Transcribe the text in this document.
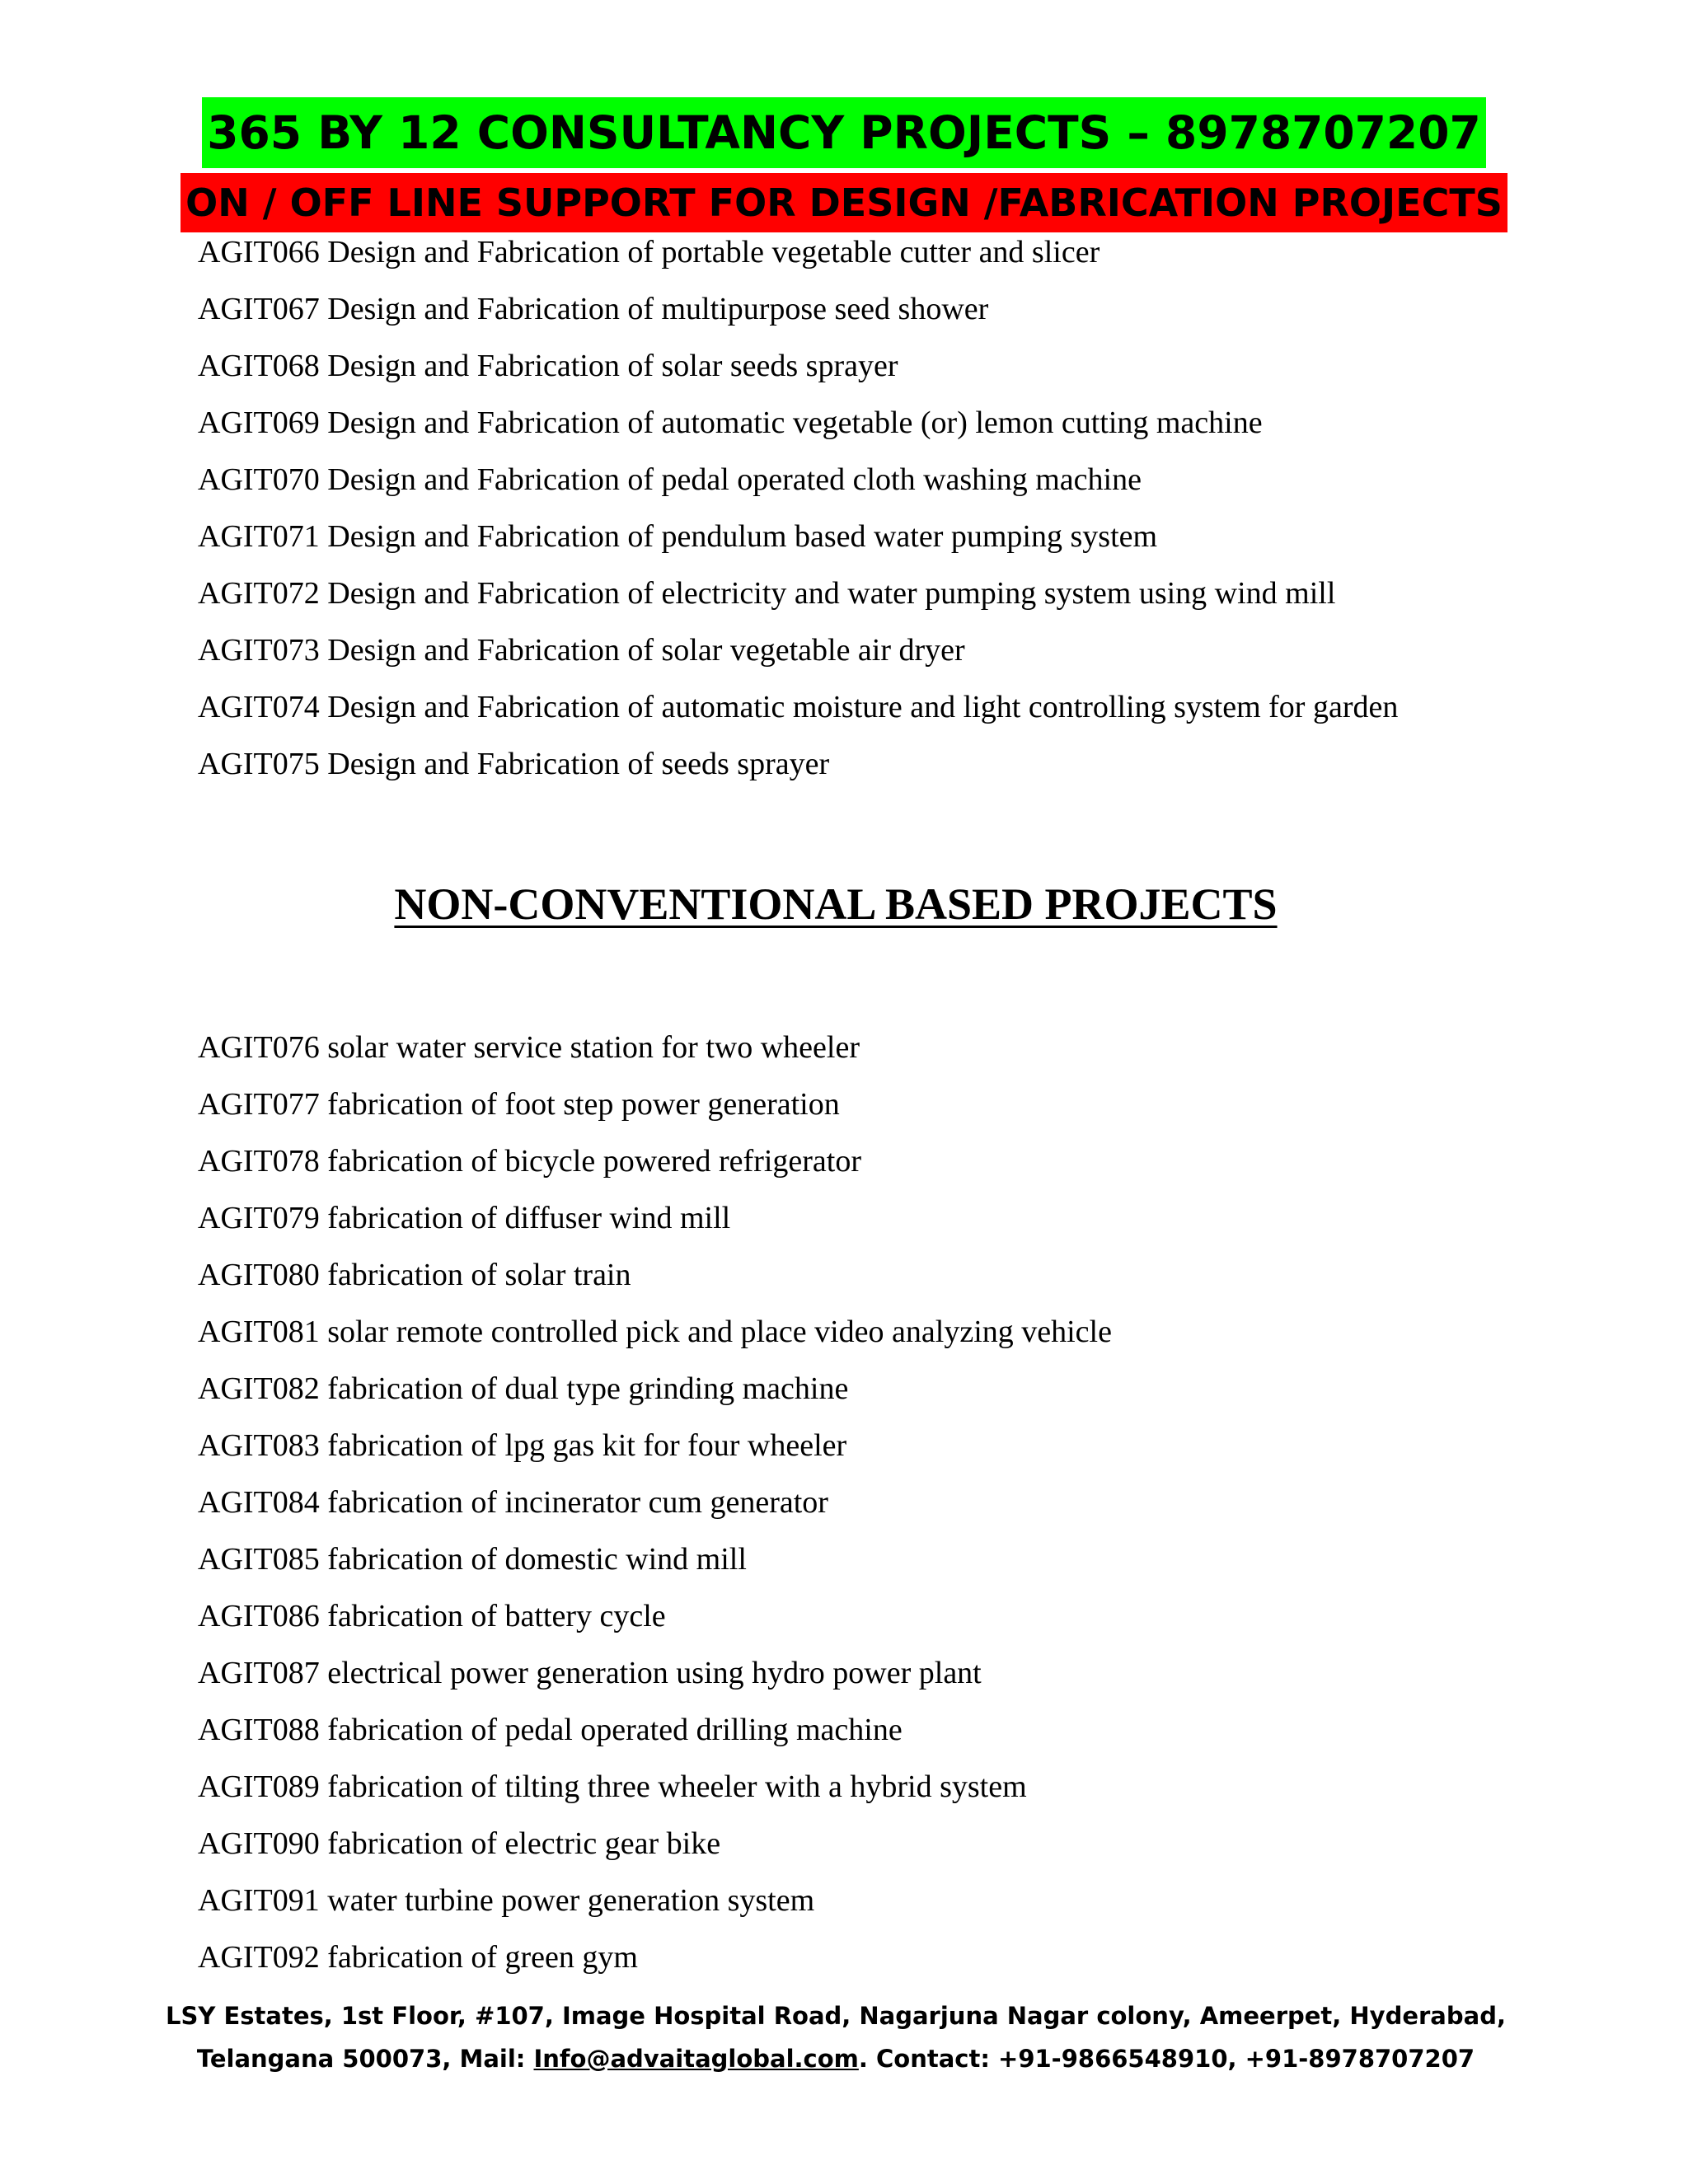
365 BY 12 CONSULTANCY PROJECTS – 8978707207
ON / OFF LINE SUPPORT FOR DESIGN /FABRICATION PROJECTS
AGIT066 Design and Fabrication of portable vegetable cutter and slicer
AGIT067 Design and Fabrication of multipurpose seed shower
AGIT068 Design and Fabrication of solar seeds sprayer
AGIT069 Design and Fabrication of automatic vegetable (or) lemon cutting machine
AGIT070 Design and Fabrication of pedal operated cloth washing machine
AGIT071 Design and Fabrication of pendulum based water pumping system
AGIT072 Design and Fabrication of electricity and water pumping system using wind mill
AGIT073 Design and Fabrication of solar vegetable air dryer
AGIT074 Design and Fabrication of automatic moisture and light controlling system for garden
AGIT075 Design and Fabrication of seeds sprayer
NON-CONVENTIONAL BASED PROJECTS
AGIT076 solar water service station for two wheeler
AGIT077 fabrication of foot step power generation
AGIT078 fabrication of bicycle powered refrigerator
AGIT079 fabrication of diffuser wind mill
AGIT080 fabrication of solar train
AGIT081 solar remote controlled pick and place video analyzing vehicle
AGIT082 fabrication of dual type grinding machine
AGIT083 fabrication of lpg gas kit for four wheeler
AGIT084 fabrication of incinerator cum generator
AGIT085 fabrication of domestic wind mill
AGIT086 fabrication of battery cycle
AGIT087 electrical power generation using hydro power plant
AGIT088 fabrication of pedal operated drilling machine
AGIT089 fabrication of tilting three wheeler with a hybrid system
AGIT090 fabrication of electric gear bike
AGIT091 water turbine power generation system
AGIT092 fabrication of green gym
LSY Estates, 1st Floor, #107, Image Hospital Road, Nagarjuna Nagar colony, Ameerpet, Hyderabad,
Telangana 500073, Mail: Info@advaitaglobal.com. Contact: +91-9866548910, +91-8978707207
